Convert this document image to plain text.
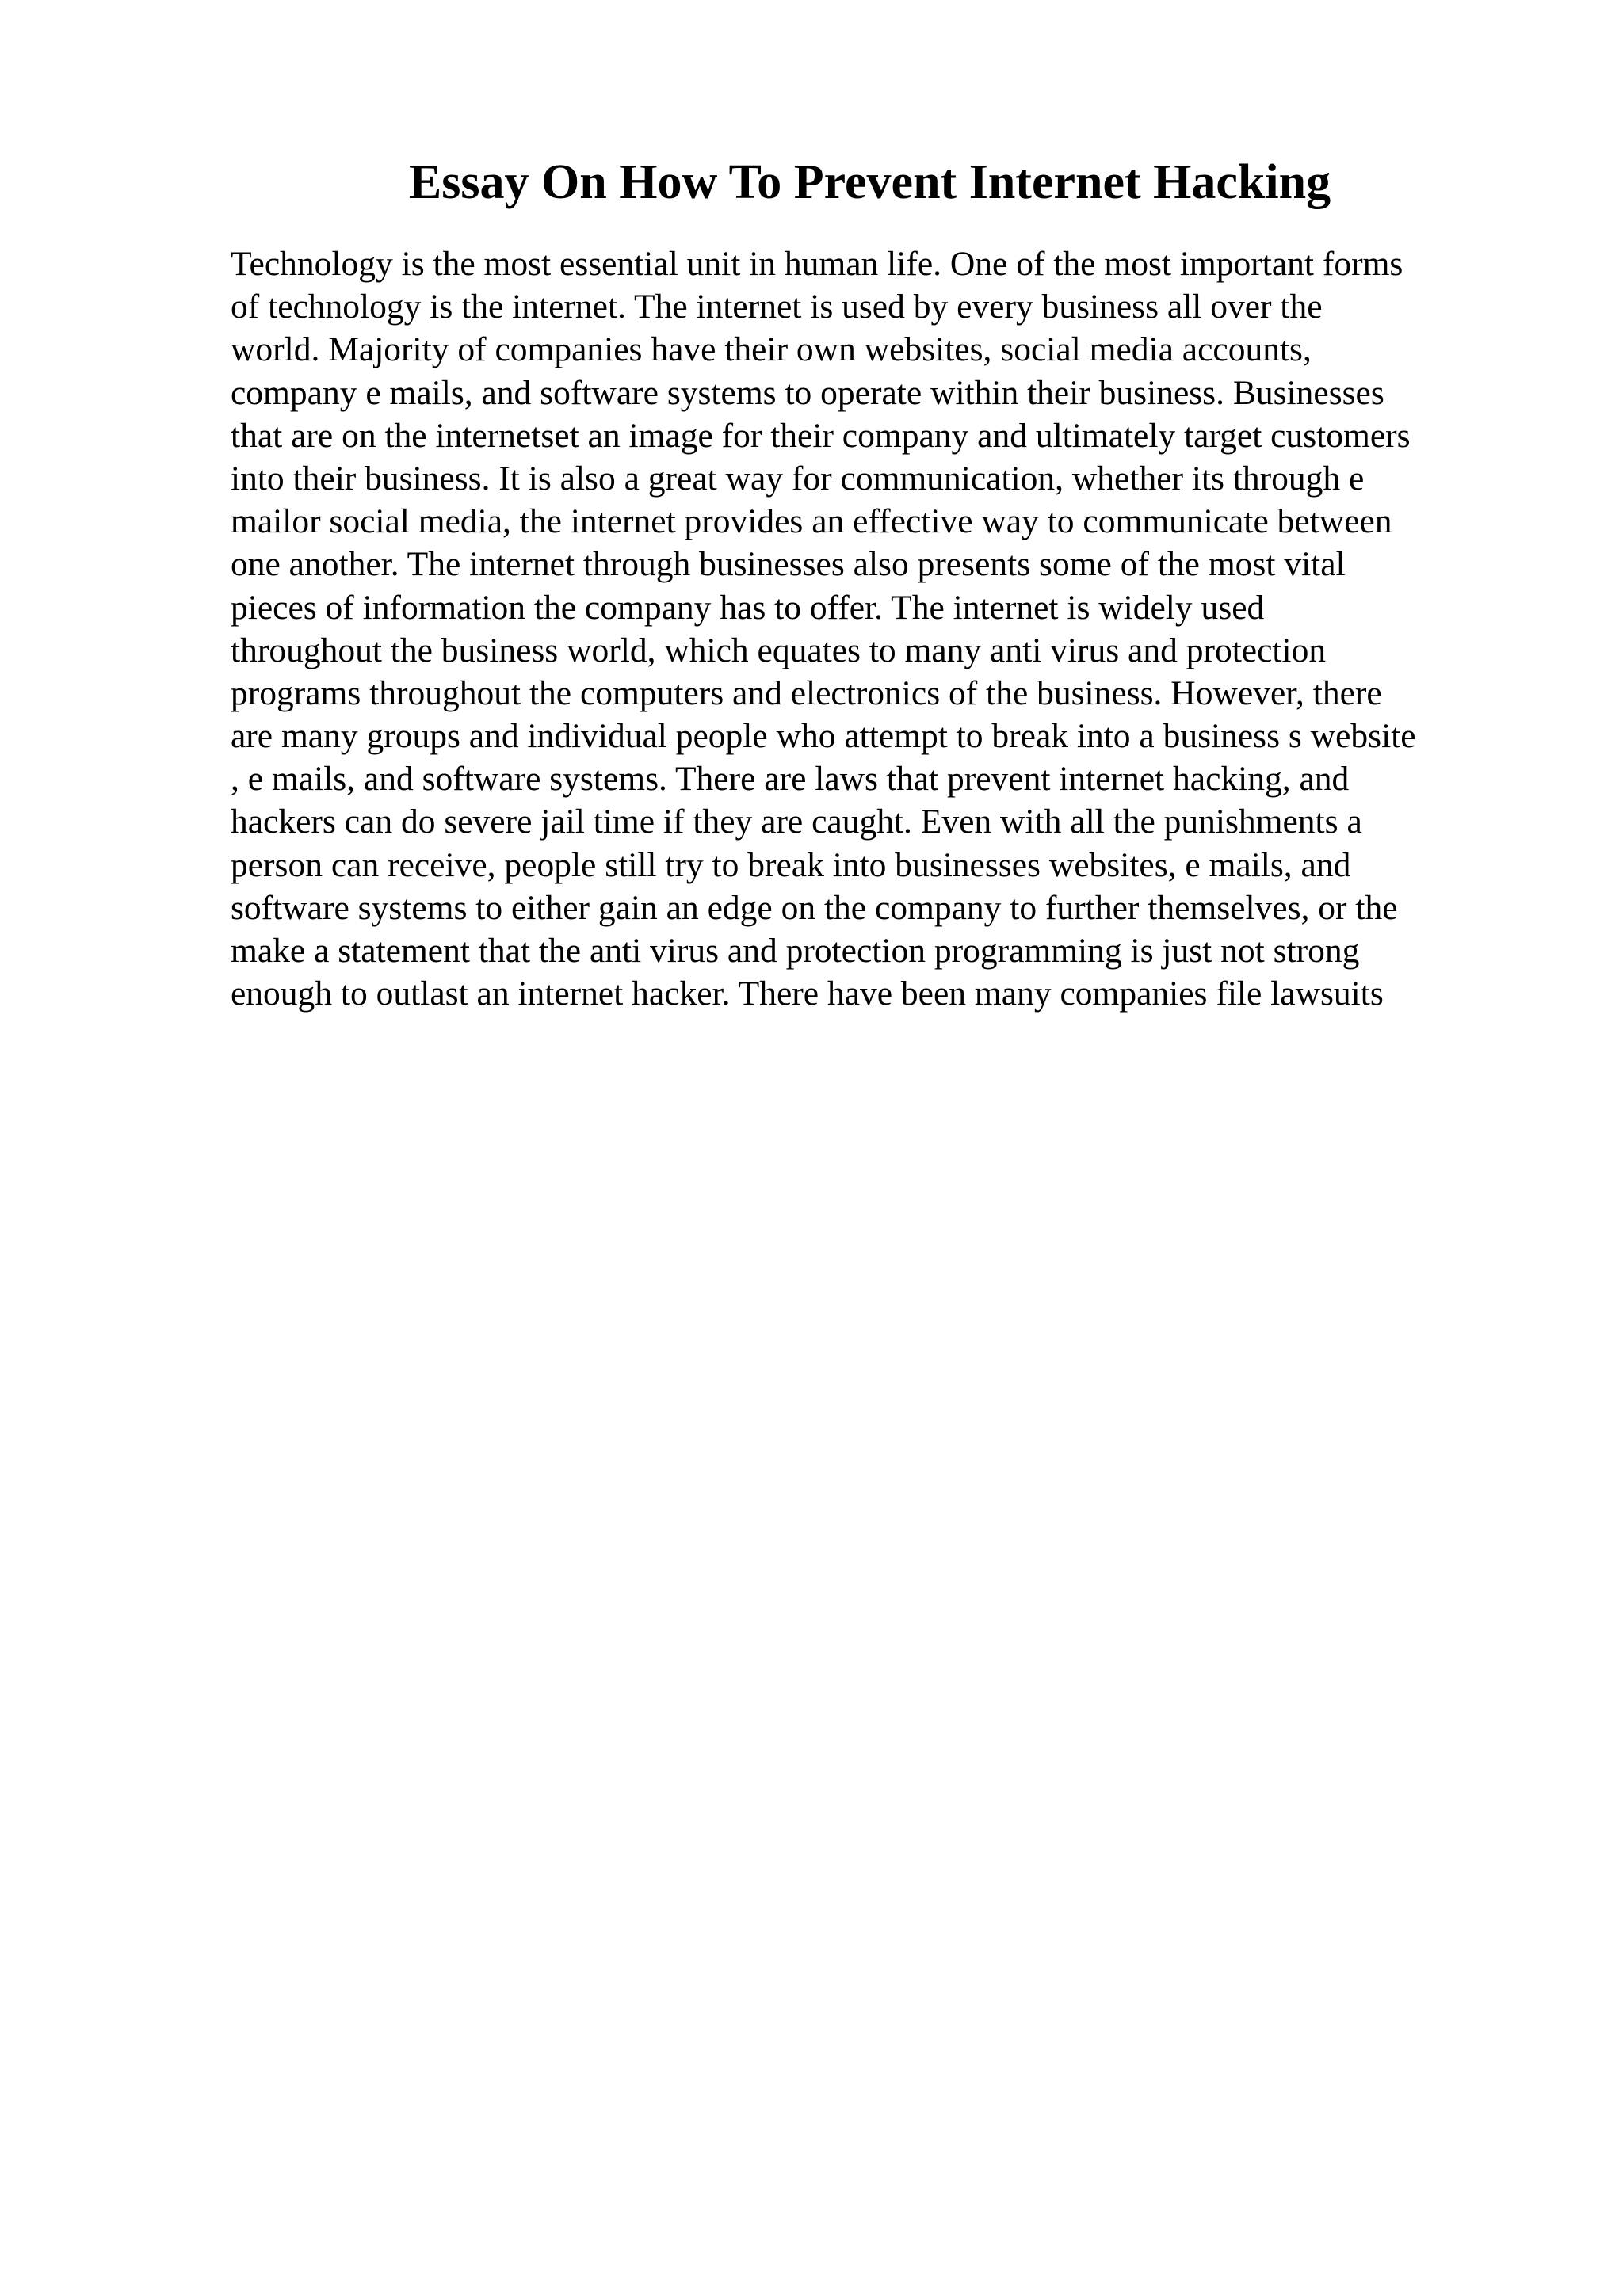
Essay On How To Prevent Internet Hacking
Technology is the most essential unit in human life. One of the most important forms
of technology is the internet. The internet is used by every business all over the
world. Majority of companies have their own websites, social media accounts,
company e mails, and software systems to operate within their business. Businesses
that are on the internetset an image for their company and ultimately target customers
into their business. It is also a great way for communication, whether its through e
mailor social media, the internet provides an effective way to communicate between
one another. The internet through businesses also presents some of the most vital
pieces of information the company has to offer. The internet is widely used
throughout the business world, which equates to many anti virus and protection
programs throughout the computers and electronics of the business. However, there
are many groups and individual people who attempt to break into a business s website
, e mails, and software systems. There are laws that prevent internet hacking, and
hackers can do severe jail time if they are caught. Even with all the punishments a
person can receive, people still try to break into businesses websites, e mails, and
software systems to either gain an edge on the company to further themselves, or the
make a statement that the anti virus and protection programming is just not strong
enough to outlast an internet hacker. There have been many companies file lawsuits
